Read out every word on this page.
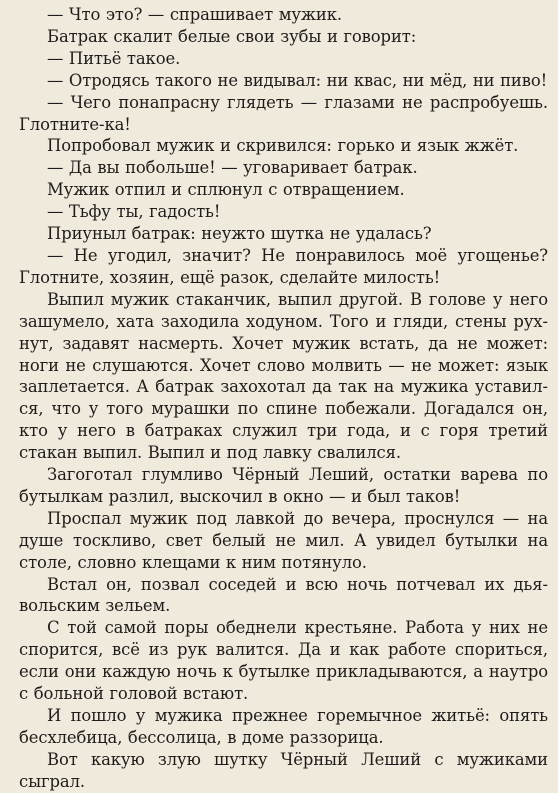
— Что это? — спрашивает мужик.

Батрак скалит белые свои зубы и говорит:

— Питьё такое.

— Отродясь такого не видывал: ни квас, ни мёд, ни пиво!

— Чего понапрасну глядеть — глазами не распробуешь. Глотните-ка!

Попробовал мужик и скривился: горько и язык жжёт.

— Да вы побольше! — уговаривает батрак.

Мужик отпил и сплюнул с отвращением.

— Тьфу ты, гадость!

Приуныл батрак: неужто шутка не удалась?

— Не угодил, значит? Не понравилось моё угощенье? Глотните, хозяин, ещё разок, сделайте милость!

Выпил мужик стаканчик, выпил другой. В голове у него зашумело, хата заходила ходуном. Того и гляди, стены рухнут, задавят насмерть. Хочет мужик встать, да не может: ноги не слушаются. Хочет слово молвить — не может: язык заплетается. А батрак захохотал да так на мужика уставился, что у того мурашки по спине побежали. Догадался он, кто у него в батраках служил три года, и с горя третий стакан выпил. Выпил и под лавку свалился.

Загоготал глумливо Чёрный Леший, остатки варева по бутылкам разлил, выскочил в окно — и был таков!

Проспал мужик под лавкой до вечера, проснулся — на душе тоскливо, свет белый не мил. А увидел бутылки на столе, словно клещами к ним потянуло.

Встал он, позвал соседей и всю ночь потчевал их дьявольским зельем.

С той самой поры обеднели крестьяне. Работа у них не спорится, всё из рук валится. Да и как работе спориться, если они каждую ночь к бутылке прикладываются, а наутро с больной головой встают.

И пошло у мужика прежнее горемычное житьё: опять бесхлебица, бессолица, в доме раззорица.

Вот какую злую шутку Чёрный Леший с мужиками сыграл.
